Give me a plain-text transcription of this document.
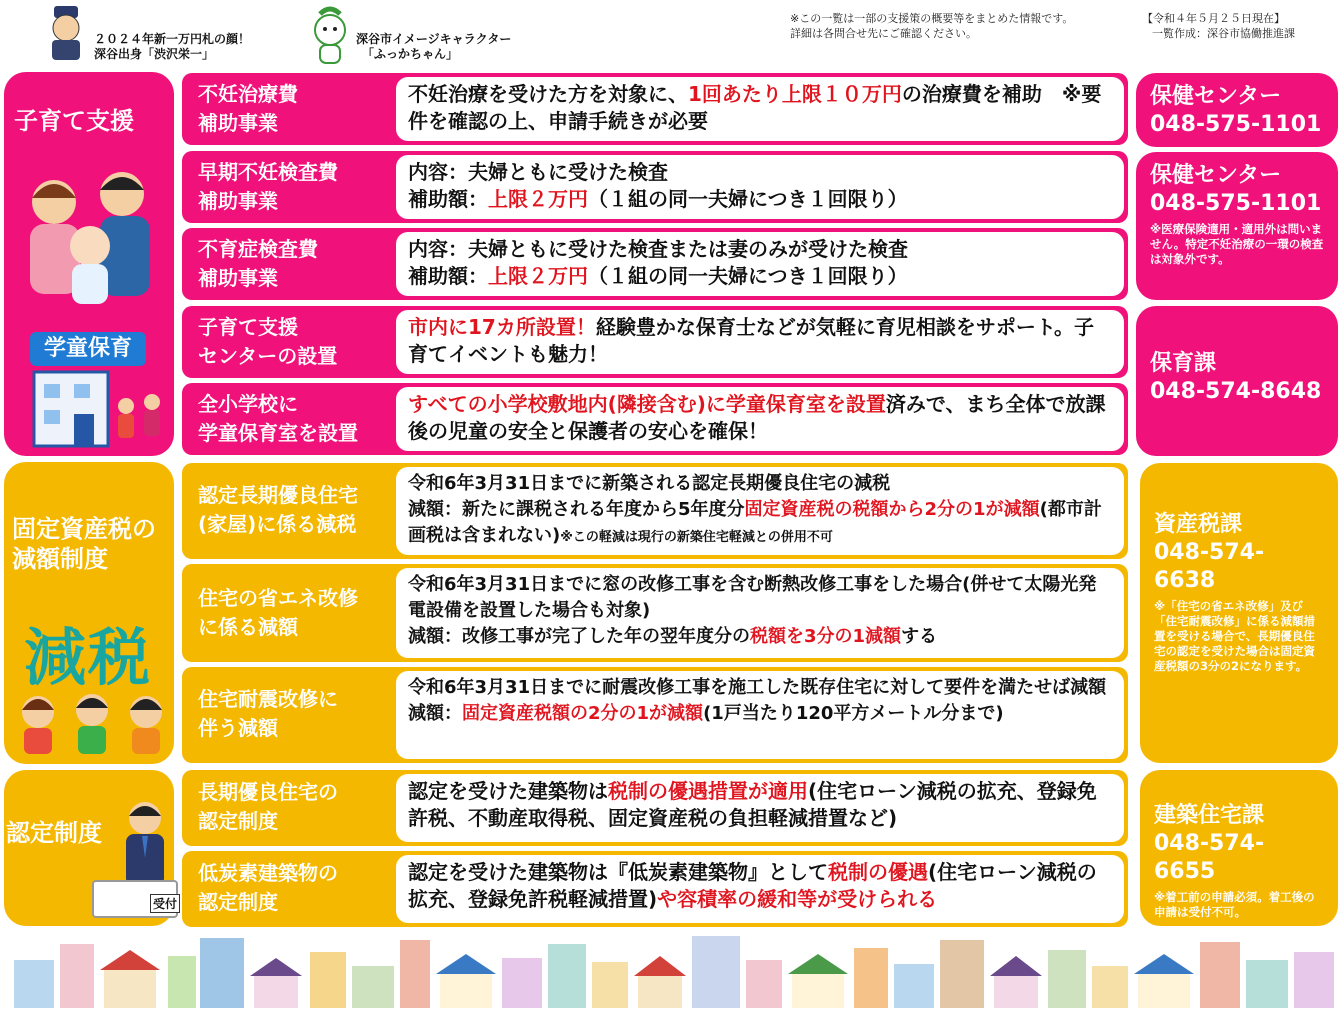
２０２４年新一万円札の顔！
深谷出身「渋沢栄一」
深谷市イメージキャラクター
「ふっかちゃん」
※この一覧は一部の支援策の概要等をまとめた情報です。
詳細は各問合せ先にご確認ください。
【令和４年５月２５日現在】
一覧作成：深谷市協働推進課
子育て支援
学童保育
不妊治療費
補助事業
不妊治療を受けた方を対象に、1回あたり上限１０万円の治療費を補助　※要件を確認の上、申請手続きが必要
早期不妊検査費
補助事業
内容：夫婦ともに受けた検査
補助額：上限２万円（１組の同一夫婦につき１回限り）
不育症検査費
補助事業
内容：夫婦ともに受けた検査または妻のみが受けた検査
補助額：上限２万円（１組の同一夫婦につき１回限り）
子育て支援
センターの設置
市内に17カ所設置！経験豊かな保育士などが気軽に育児相談をサポート。子育てイベントも魅力！
全小学校に
学童保育室を設置
すべての小学校敷地内(隣接含む)に学童保育室を設置済みで、まち全体で放課後の児童の安全と保護者の安心を確保！
保健センター
048-575-1101
保健センター
048-575-1101
※医療保険適用・適用外は問いません。特定不妊治療の一環の検査は対象外です。
保育課
048-574-8648
固定資産税の
減額制度
減税
認定長期優良住宅
(家屋)に係る減税
令和6年3月31日までに新築される認定長期優良住宅の減税
減額：新たに課税される年度から5年度分固定資産税の税額から2分の1が減額(都市計画税は含まれない)※この軽減は現行の新築住宅軽減との併用不可
住宅の省エネ改修
に係る減額
令和6年3月31日までに窓の改修工事を含む断熱改修工事をした場合(併せて太陽光発電設備を設置した場合も対象)
減額：改修工事が完了した年の翌年度分の税額を3分の1減額する
住宅耐震改修に
伴う減額
令和6年3月31日までに耐震改修工事を施工した既存住宅に対して要件を満たせば減額
減額：固定資産税額の2分の1が減額(1戸当たり120平方メートル分まで)
資産税課
048-574-6638
※「住宅の省エネ改修」及び「住宅耐震改修」に係る減額措置を受ける場合で、長期優良住宅の認定を受けた場合は固定資産税額の3分の2になります。
認定制度
受付
長期優良住宅の
認定制度
認定を受けた建築物は税制の優遇措置が適用(住宅ローン減税の拡充、登録免許税、不動産取得税、固定資産税の負担軽減措置など)
低炭素建築物の
認定制度
認定を受けた建築物は『低炭素建築物』として税制の優遇(住宅ローン減税の拡充、登録免許税軽減措置)や容積率の緩和等が受けられる
建築住宅課
048-574-6655
※着工前の申請必須。着工後の申請は受付不可。
